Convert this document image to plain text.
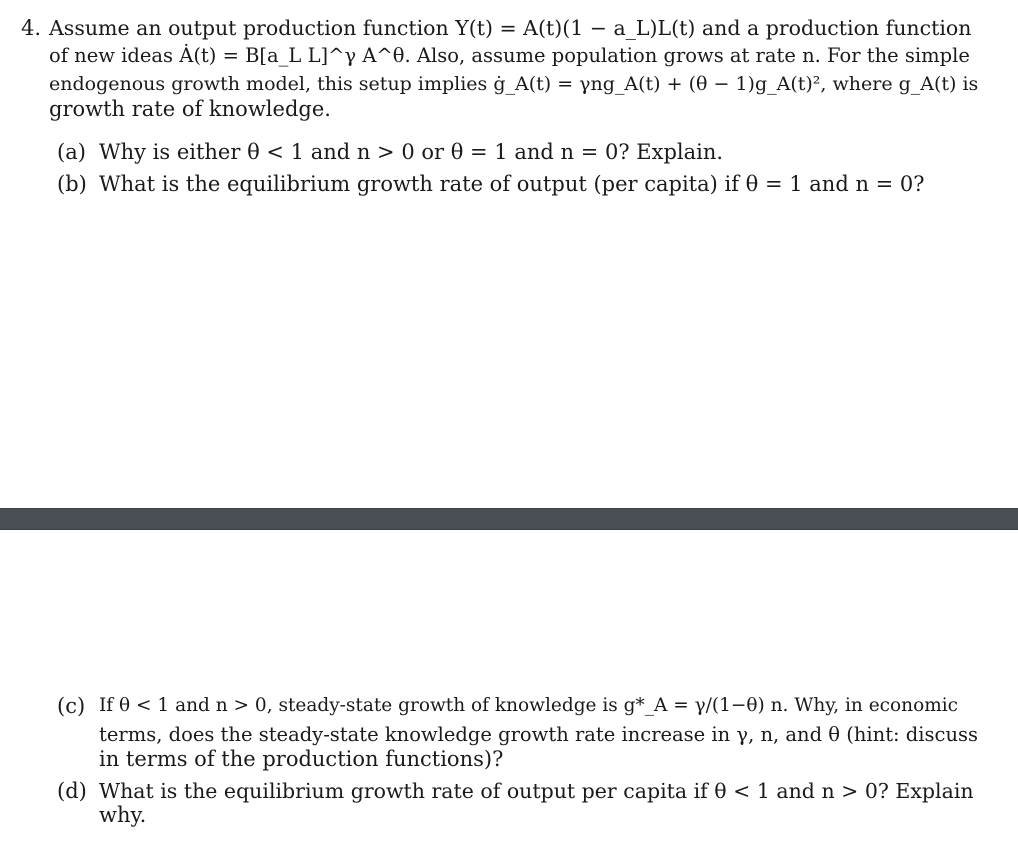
4. Assume an output production function Y(t) = A(t)(1 − a_L)L(t) and a production function
of new ideas Ȧ(t) = B[a_L L]^γ A^θ. Also, assume population grows at rate n. For the simple
endogenous growth model, this setup implies ġ_A(t) = γng_A(t) + (θ − 1)g_A(t)², where g_A(t) is
growth rate of knowledge.
(a) Why is either θ < 1 and n > 0 or θ = 1 and n = 0? Explain.
(b) What is the equilibrium growth rate of output (per capita) if θ = 1 and n = 0?
(c) If θ < 1 and n > 0, steady-state growth of knowledge is g*_A = γ/(1−θ) n. Why, in economic
terms, does the steady-state knowledge growth rate increase in γ, n, and θ (hint: discuss
in terms of the production functions)?
(d) What is the equilibrium growth rate of output per capita if θ < 1 and n > 0? Explain
why.
